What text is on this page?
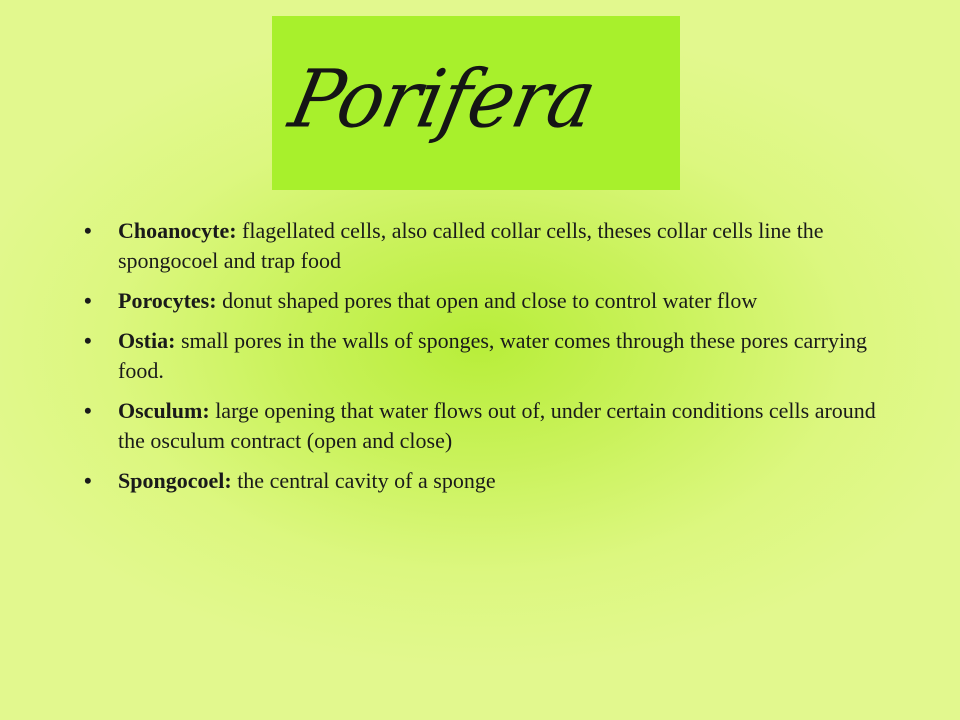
Porifera
• Choanocyte: flagellated cells, also called collar cells, theses collar cells line the spongocoel and trap food
• Porocytes: donut shaped pores that open and close to control water flow
• Ostia: small pores in the walls of sponges, water comes through these pores carrying food.
• Osculum: large opening that water flows out of, under certain conditions cells around the osculum contract (open and close)
• Spongocoel: the central cavity of a sponge
